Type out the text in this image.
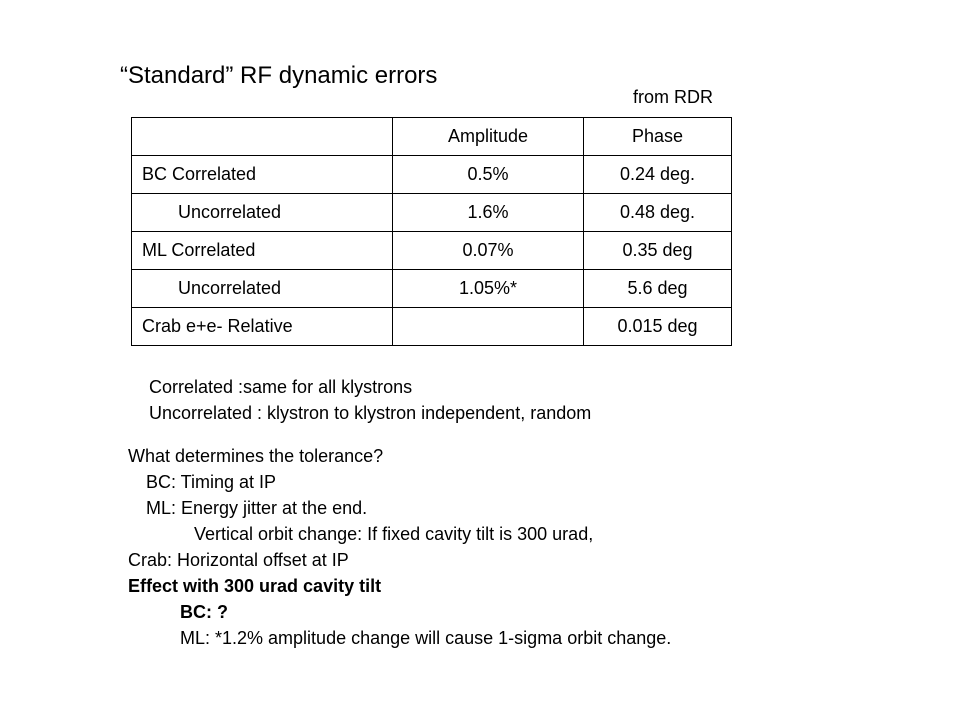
“Standard” RF dynamic errors
from RDR
	Amplitude	Phase
BC Correlated	0.5%	0.24 deg.
Uncorrelated	1.6%	0.48 deg.
ML Correlated	0.07%	0.35 deg
Uncorrelated	1.05%*	5.6 deg
Crab e+e- Relative		0.015 deg
Correlated :same for all klystrons
Uncorrelated : klystron to klystron independent, random
What determines the tolerance?
BC: Timing at IP
ML: Energy jitter at the end.
Vertical orbit change: If fixed cavity tilt is 300 urad,
Crab: Horizontal offset at IP
Effect with 300 urad cavity tilt
BC: ?
ML: *1.2% amplitude change will cause 1-sigma orbit change.
